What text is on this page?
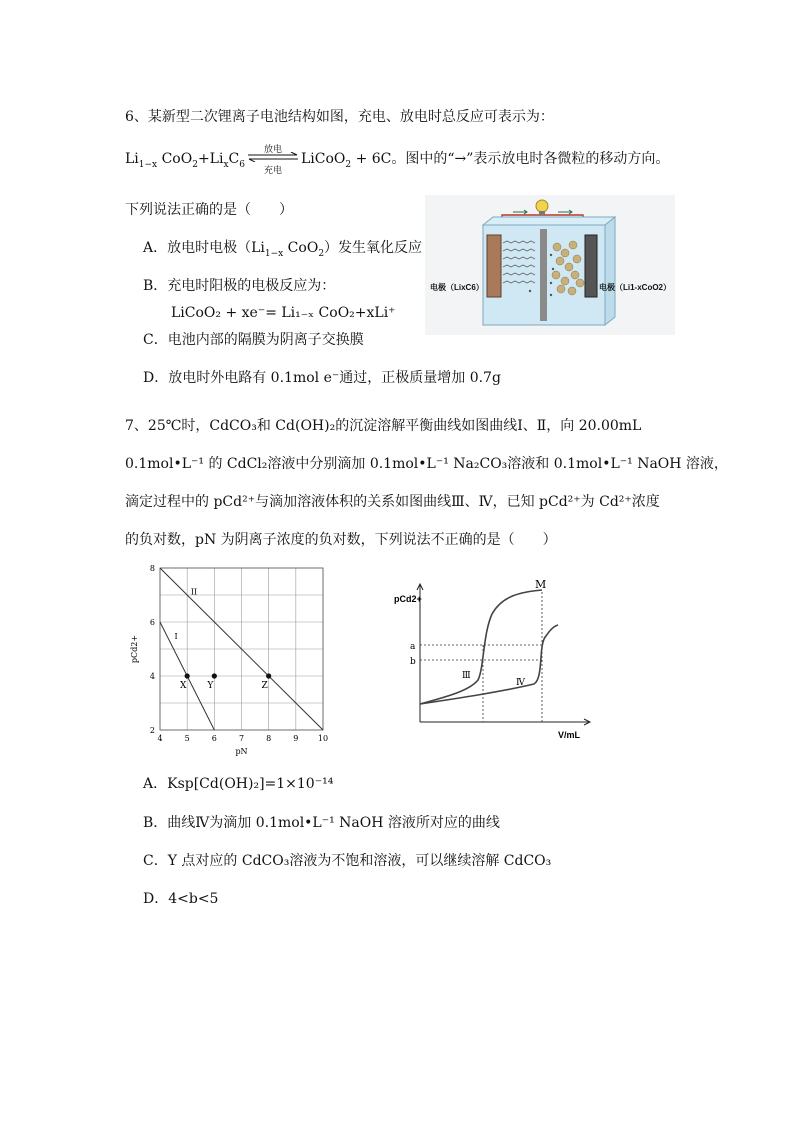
6、某新型二次锂离子电池结构如图，充电、放电时总反应可表示为：
$Li_{1-x}$ $CoO_2+Li_xC_6$
放电
充电
LiCoO$_2$ + 6C。图中的“→”表示放电时各微粒的移动方向。
下列说法正确的是（　　）
A．放电时电极（$Li_{1-x}$ CoO$_2$）发生氧化反应
B．充电时阳极的电极反应为：
LiCoO₂ + xe⁻= Li₁₋ₓ CoO₂+xLi⁺
C．电池内部的隔膜为阴离子交换膜
D．放电时外电路有 0.1mol e⁻通过，正极质量增加 0.7g
电极（LixC6）	电极（Li1-xCoO2）
7、25℃时，CdCO₃和 Cd(OH)₂的沉淀溶解平衡曲线如图曲线Ⅰ、Ⅱ，向 20.00mL
0.1mol•L⁻¹ 的 CdCl₂溶液中分别滴加 0.1mol•L⁻¹ Na₂CO₃溶液和 0.1mol•L⁻¹ NaOH 溶液，
滴定过程中的 pCd²⁺与滴加溶液体积的关系如图曲线Ⅲ、Ⅳ，已知 pCd²⁺为 Cd²⁺浓度
的负对数，pN 为阴离子浓度的负对数，下列说法不正确的是（　　）
4	5	6	7	8	9 10
2
4
6
8
pN
pCd2+	I
II
X Y	Z
pCd2+
V/mL
a
b
Ⅲ
Ⅳ
M
A．Ksp[Cd(OH)₂]=1×10⁻¹⁴
B．曲线Ⅳ为滴加 0.1mol•L⁻¹ NaOH 溶液所对应的曲线
C．Y 点对应的 CdCO₃溶液为不饱和溶液，可以继续溶解 CdCO₃
D．4<b<5
